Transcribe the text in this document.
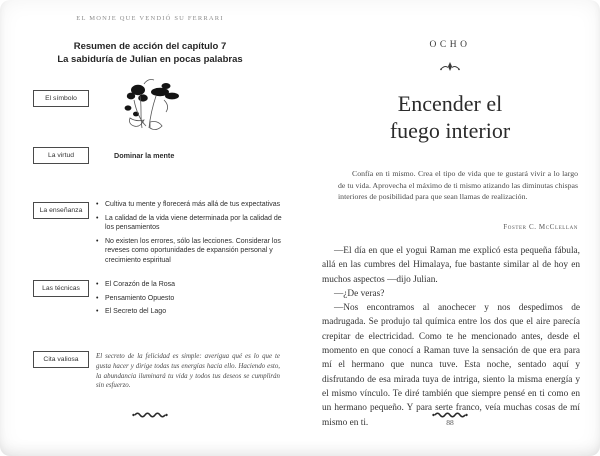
EL MONJE QUE VENDIÓ SU FERRARI
Resumen de acción del capítulo 7
La sabiduría de Julian en pocas palabras
El símbolo
La virtud	Dominar la mente
La enseñanza
• Cultiva tu mente y florecerá más allá de tus expectativas
• La calidad de la vida viene determinada por la calidad de los pensamientos
• No existen los errores, sólo las lecciones. Considerar los reveses como oportunidades de expansión personal y crecimiento espiritual
Las técnicas
• El Corazón de la Rosa
• Pensamiento Opuesto
• El Secreto del Lago
Cita valiosa	El secreto de la felicidad es simple: averigua qué es lo que te gusta hacer y dirige todas tus energías hacia ello. Haciendo esto, la abundancia iluminará tu vida y todos tus deseos se cumplirán sin esfuerzo.
OCHO
Encender el
fuego interior
Confía en ti mismo. Crea el tipo de vida que te gustará vivir a lo largo de tu vida. Aprovecha el máximo de ti mismo atizando las diminutas chispas interiores de posibilidad para que sean llamas de realización.
Foster C. McClellan

—El día en que el yogui Raman me explicó esta pequeña fábula, allá en las cumbres del Himalaya, fue bastante similar al de hoy en muchos aspectos —dijo Julian.

—¿De veras?

—Nos encontramos al anochecer y nos despedimos de madrugada. Se produjo tal química entre los dos que el aire parecía crepitar de electricidad. Como te he mencionado antes, desde el momento en que conocí a Raman tuve la sensación de que era para mí el hermano que nunca tuve. Esta noche, sentado aquí y disfrutando de esa mirada tuya de intriga, siento la misma energía y el mismo vínculo. Te diré también que siempre pensé en ti como en un hermano pequeño. Y para serte franco, veía muchas cosas de mí mismo en ti.	88
